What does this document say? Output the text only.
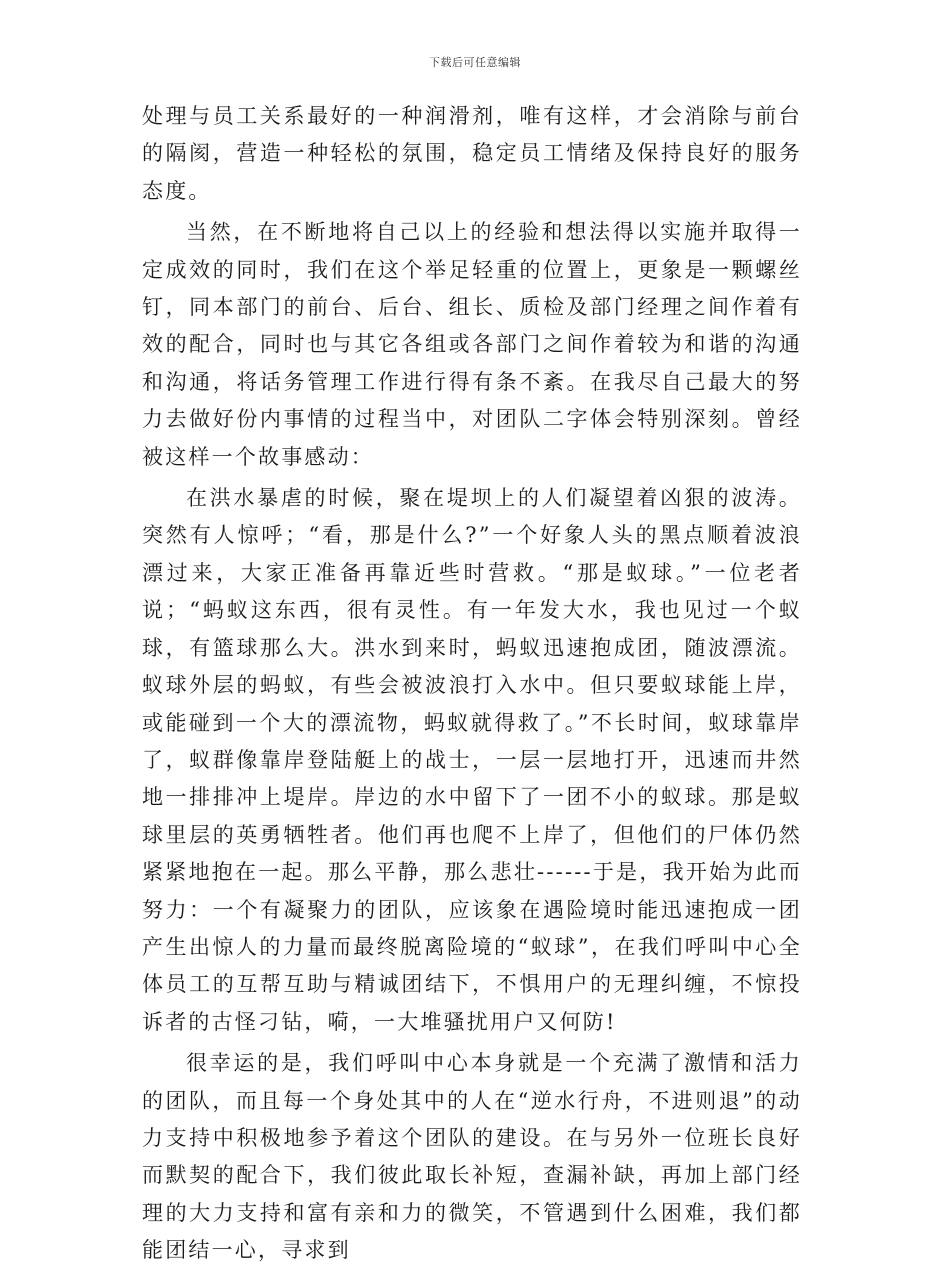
下载后可任意编辑

处理与员工关系最好的一种润滑剂，唯有这样，才会消除与前台的隔阂，营造一种轻松的氛围，稳定员工情绪及保持良好的服务态度。

当然，在不断地将自己以上的经验和想法得以实施并取得一定成效的同时，我们在这个举足轻重的位置上，更象是一颗螺丝钉，同本部门的前台、后台、组长、质检及部门经理之间作着有效的配合，同时也与其它各组或各部门之间作着较为和谐的沟通和沟通，将话务管理工作进行得有条不紊。在我尽自己最大的努力去做好份内事情的过程当中，对团队二字体会特别深刻。曾经被这样一个故事感动：

在洪水暴虐的时候，聚在堤坝上的人们凝望着凶狠的波涛。突然有人惊呼；“看，那是什么?”一个好象人头的黑点顺着波浪漂过来，大家正准备再靠近些时营救。“那是蚁球。”一位老者说；“蚂蚁这东西，很有灵性。有一年发大水，我也见过一个蚁球，有篮球那么大。洪水到来时，蚂蚁迅速抱成团，随波漂流。蚁球外层的蚂蚁，有些会被波浪打入水中。但只要蚁球能上岸，或能碰到一个大的漂流物，蚂蚁就得救了。”不长时间，蚁球靠岸了，蚁群像靠岸登陆艇上的战士，一层一层地打开，迅速而井然地一排排冲上堤岸。岸边的水中留下了一团不小的蚁球。那是蚁球里层的英勇牺牲者。他们再也爬不上岸了，但他们的尸体仍然紧紧地抱在一起。那么平静，那么悲壮------于是，我开始为此而努力：一个有凝聚力的团队，应该象在遇险境时能迅速抱成一团产生出惊人的力量而最终脱离险境的“蚁球”，在我们呼叫中心全体员工的互帮互助与精诚团结下，不惧用户的无理纠缠，不惊投诉者的古怪刁钻，嗬，一大堆骚扰用户又何防!

很幸运的是，我们呼叫中心本身就是一个充满了激情和活力的团队，而且每一个身处其中的人在“逆水行舟，不进则退”的动力支持中积极地参予着这个团队的建设。在与另外一位班长良好而默契的配合下，我们彼此取长补短，查漏补缺，再加上部门经理的大力支持和富有亲和力的微笑，不管遇到什么困难，我们都能团结一心，寻求到
